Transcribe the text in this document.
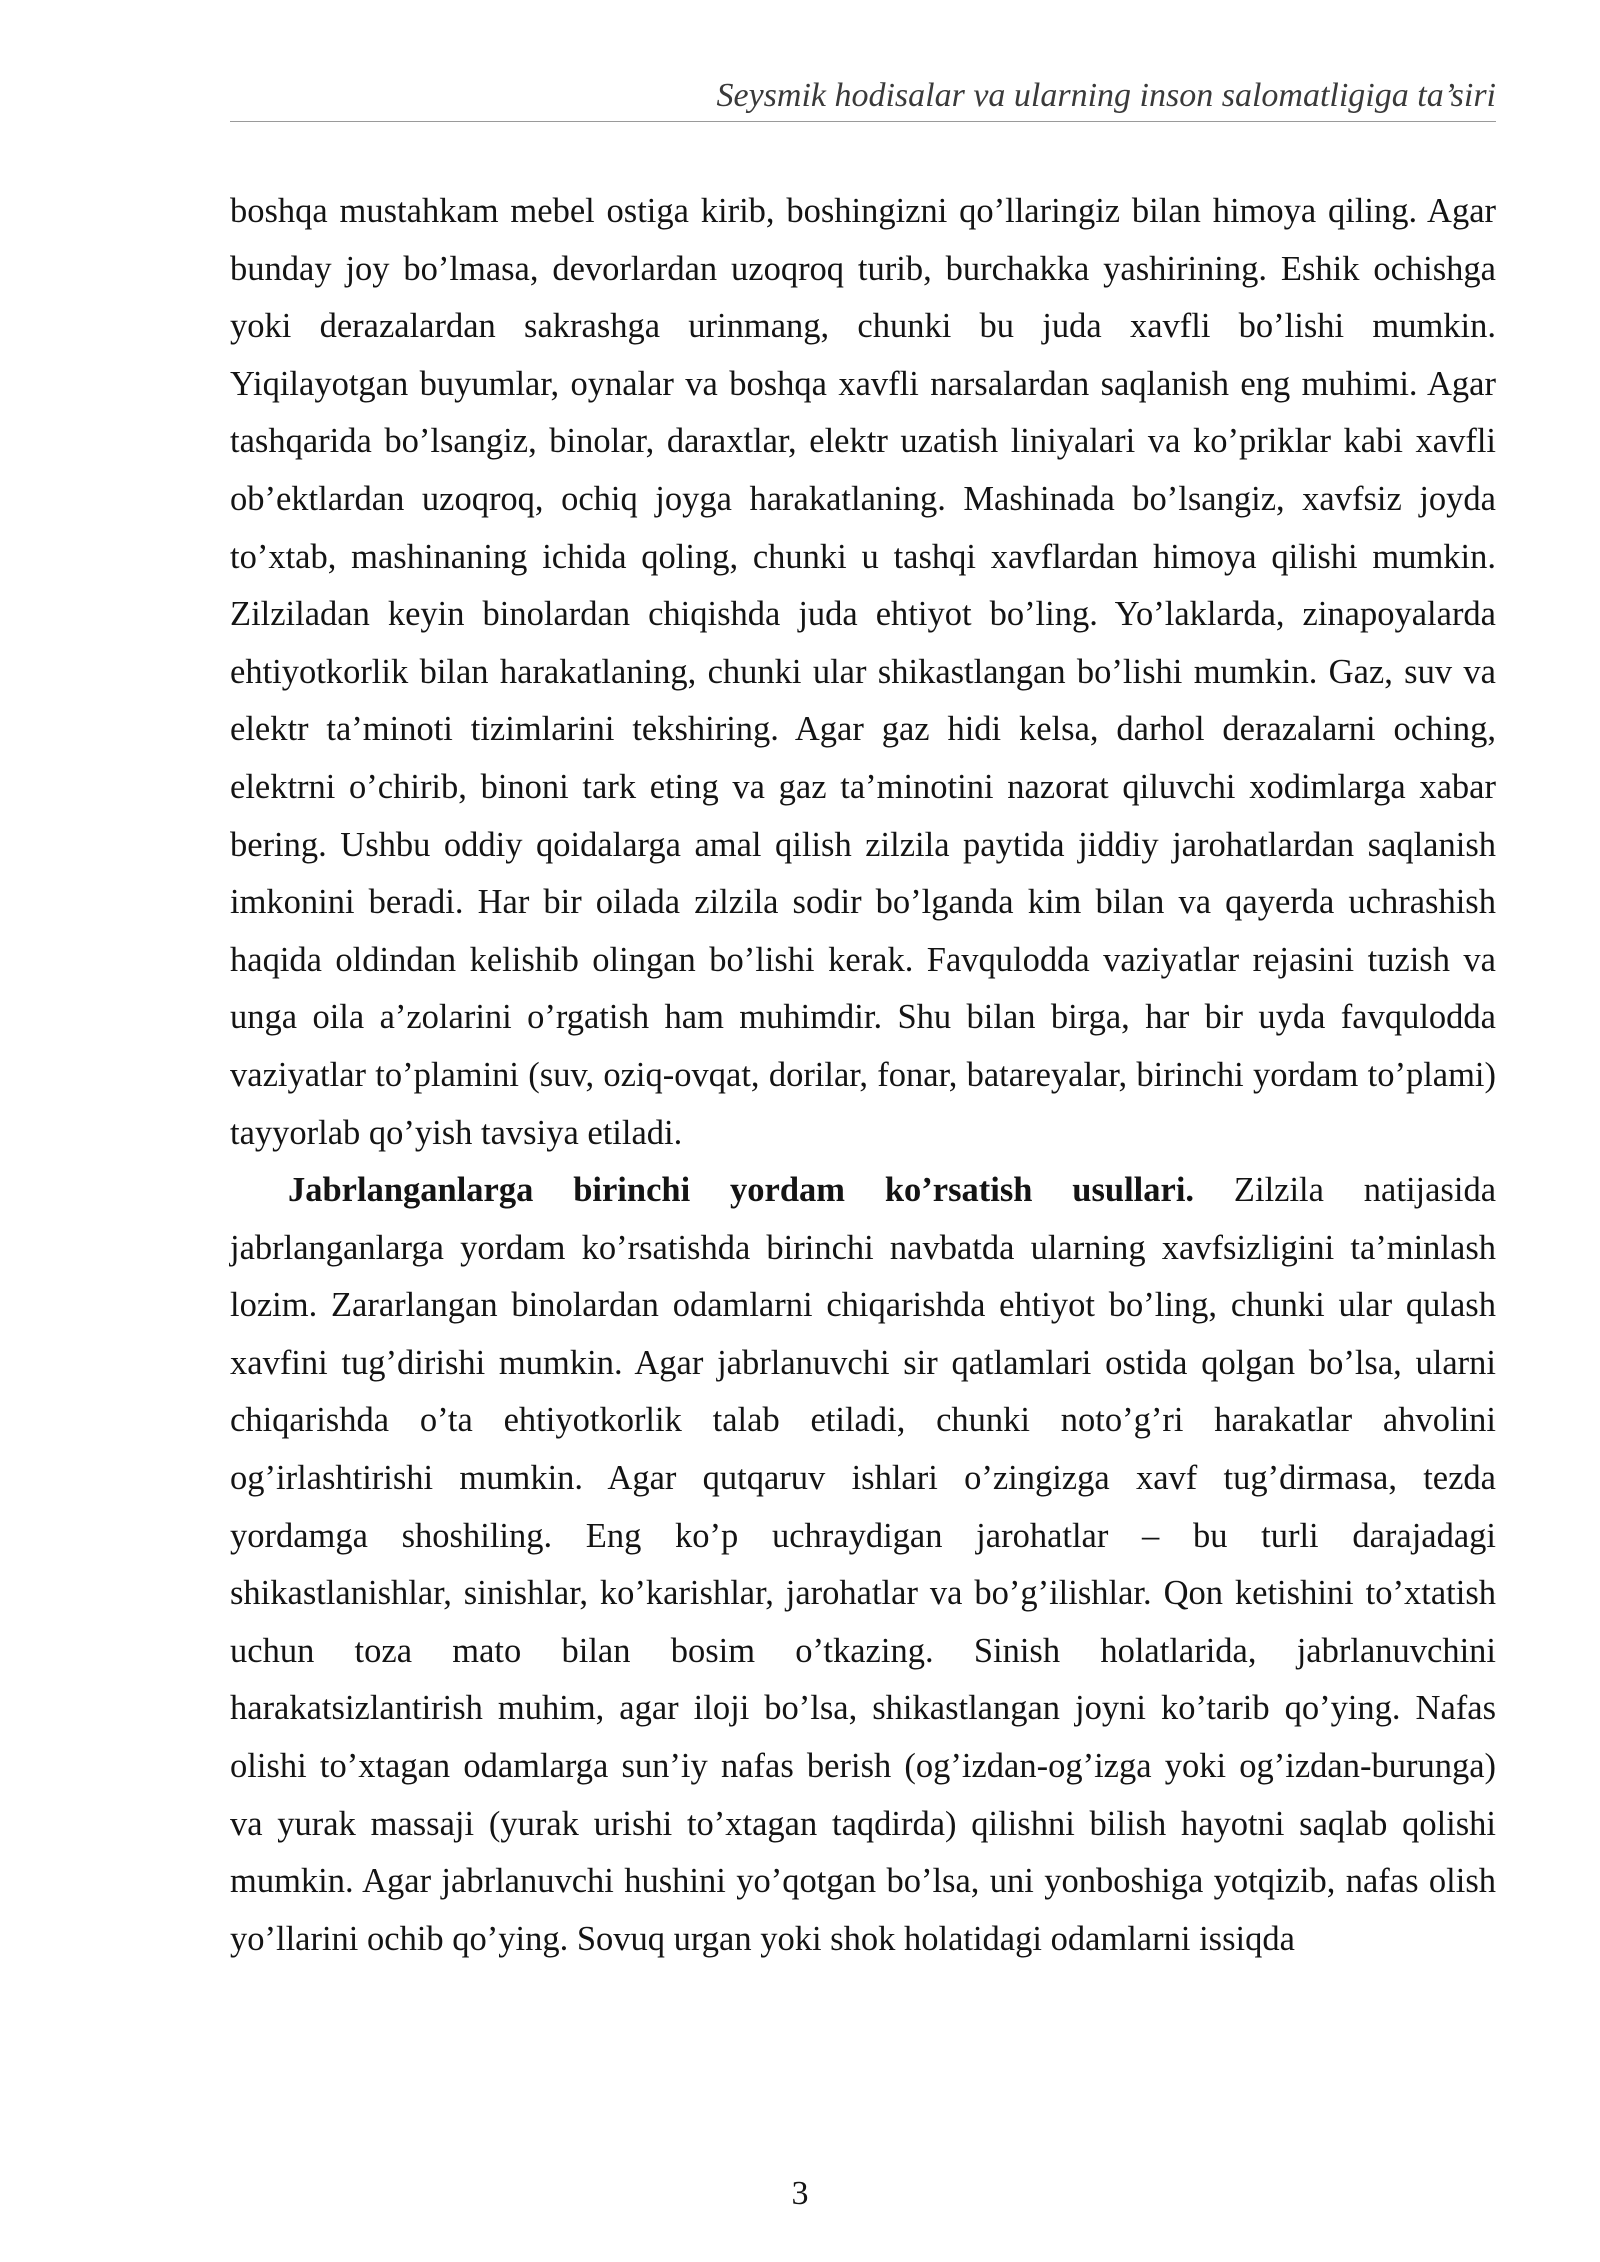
Seysmik hodisalar va ularning inson salomatligiga ta’siri

boshqa mustahkam mebel ostiga kirib, boshingizni qo’llaringiz bilan himoya qiling. Agar bunday joy bo’lmasa, devorlardan uzoqroq turib, burchakka yashirining. Eshik ochishga yoki derazalardan sakrashga urinmang, chunki bu juda xavfli bo’lishi mumkin. Yiqilayotgan buyumlar, oynalar va boshqa xavfli narsalardan saqlanish eng muhimi. Agar tashqarida bo’lsangiz, binolar, daraxtlar, elektr uzatish liniyalari va ko’priklar kabi xavfli ob’ektlardan uzoqroq, ochiq joyga harakatlaning. Mashinada bo’lsangiz, xavfsiz joyda to’xtab, mashinaning ichida qoling, chunki u tashqi xavflardan himoya qilishi mumkin. Zilziladan keyin binolardan chiqishda juda ehtiyot bo’ling. Yo’laklarda, zinapoyalarda ehtiyotkorlik bilan harakatlaning, chunki ular shikastlangan bo’lishi mumkin. Gaz, suv va elektr ta’minoti tizimlarini tekshiring. Agar gaz hidi kelsa, darhol derazalarni oching, elektrni o’chirib, binoni tark eting va gaz ta’minotini nazorat qiluvchi xodimlarga xabar bering. Ushbu oddiy qoidalarga amal qilish zilzila paytida jiddiy jarohatlardan saqlanish imkonini beradi. Har bir oilada zilzila sodir bo’lganda kim bilan va qayerda uchrashish haqida oldindan kelishib olingan bo’lishi kerak. Favqulodda vaziyatlar rejasini tuzish va unga oila a’zolarini o’rgatish ham muhimdir. Shu bilan birga, har bir uyda favqulodda vaziyatlar to’plamini (suv, oziq-ovqat, dorilar, fonar, batareyalar, birinchi yordam to’plami) tayyorlab qo’yish tavsiya etiladi.

Jabrlanganlarga birinchi yordam ko’rsatish usullari. Zilzila natijasida jabrlanganlarga yordam ko’rsatishda birinchi navbatda ularning xavfsizligini ta’minlash lozim. Zararlangan binolardan odamlarni chiqarishda ehtiyot bo’ling, chunki ular qulash xavfini tug’dirishi mumkin. Agar jabrlanuvchi sir qatlamlari ostida qolgan bo’lsa, ularni chiqarishda o’ta ehtiyotkorlik talab etiladi, chunki noto’g’ri harakatlar ahvolini og’irlashtirishi mumkin. Agar qutqaruv ishlari o’zingizga xavf tug’dirmasa, tezda yordamga shoshiling. Eng ko’p uchraydigan jarohatlar – bu turli darajadagi shikastlanishlar, sinishlar, ko’karishlar, jarohatlar va bo’g’ilishlar. Qon ketishini to’xtatish uchun toza mato bilan bosim o’tkazing. Sinish holatlarida, jabrlanuvchini harakatsizlantirish muhim, agar iloji bo’lsa, shikastlangan joyni ko’tarib qo’ying. Nafas olishi to’xtagan odamlarga sun’iy nafas berish (og’izdan-og’izga yoki og’izdan-burunga) va yurak massaji (yurak urishi to’xtagan taqdirda) qilishni bilish hayotni saqlab qolishi mumkin. Agar jabrlanuvchi hushini yo’qotgan bo’lsa, uni yonboshiga yotqizib, nafas olish yo’llarini ochib qo’ying. Sovuq urgan yoki shok holatidagi odamlarni issiqda

3
